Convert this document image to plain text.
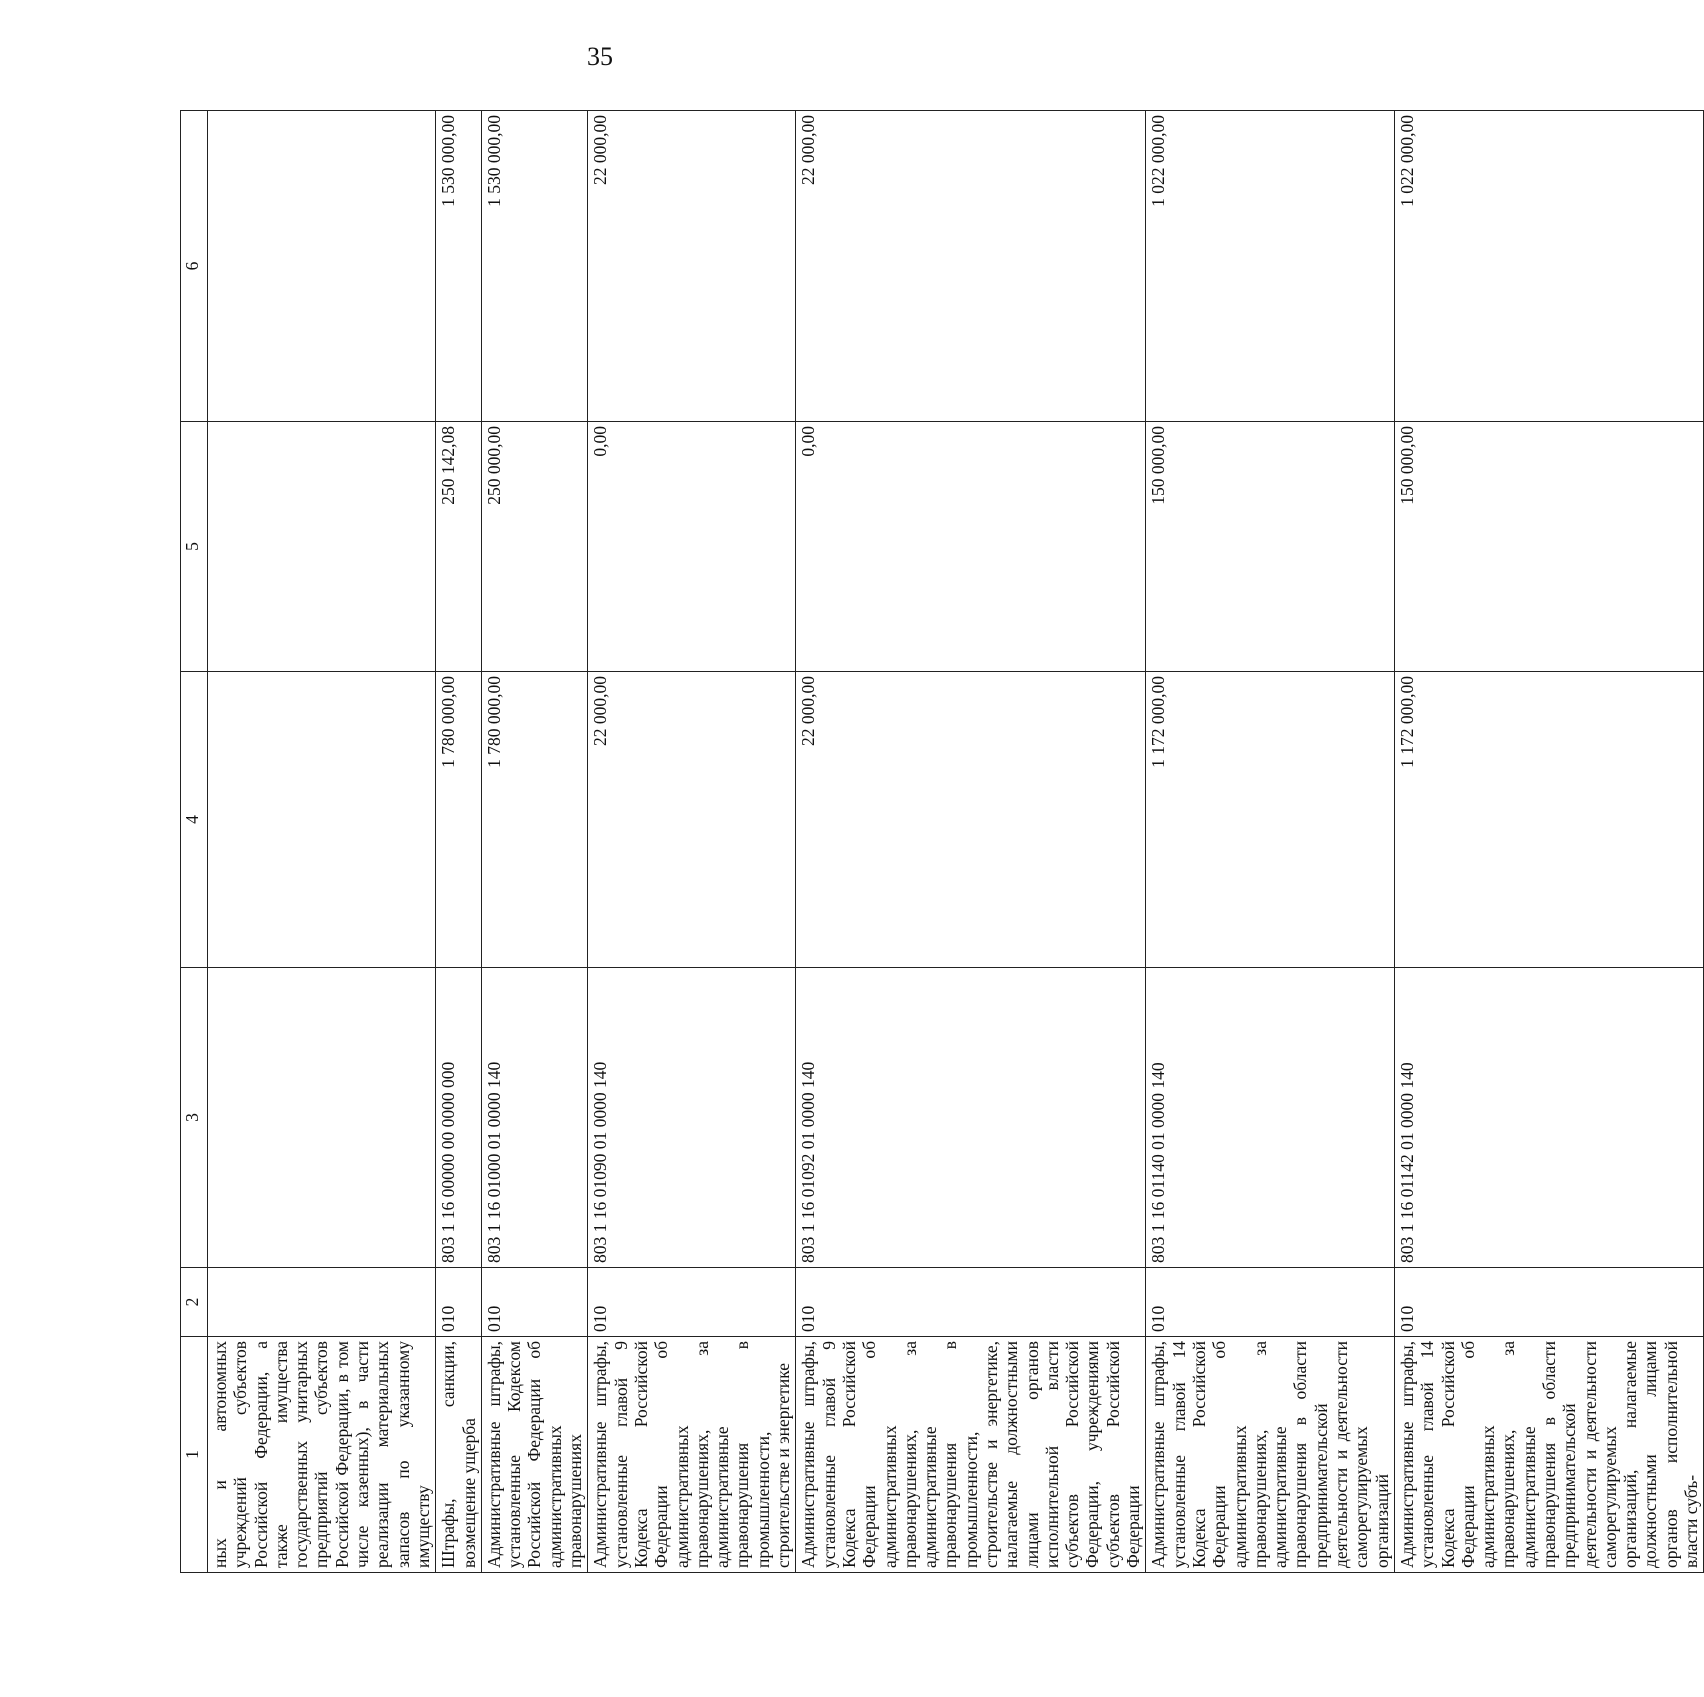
35
1	2	3	4	5	6
ных и автономных учреждений субъектов Российской Федерации, а также имущества государственных унитарных предприятий субъектов Российской Федерации, в том числе казенных), в части реализации материальных запасов по указанному имуществу					
Штрафы, санкции, возмещение ущерба	010	803 1 16 00000 00 0000 000	1 780 000,00	250 142,08	1 530 000,00
Административные штрафы, установленные Кодексом Российской Федерации об административных правонарушениях	010	803 1 16 01000 01 0000 140	1 780 000,00	250 000,00	1 530 000,00
Административные штрафы, установленные главой 9 Кодекса Российской Федерации об административных правонарушениях, за административные правонарушения в промышленности, строительстве и энергетике	010	803 1 16 01090 01 0000 140	22 000,00	0,00	22 000,00
Административные штрафы, установленные главой 9 Кодекса Российской Федерации об административных правонарушениях, за административные правонарушения в промышленности, строительстве и энергетике, налагаемые должностными лицами органов исполнительной власти субъектов Российской Федерации, учреждениями субъектов Российской Федерации	010	803 1 16 01092 01 0000 140	22 000,00	0,00	22 000,00
Административные штрафы, установленные главой 14 Кодекса Российской Федерации об административных правонарушениях, за административные правонарушения в области предпринимательской деятельности и деятельности саморегулируемых организаций	010	803 1 16 01140 01 0000 140	1 172 000,00	150 000,00	1 022 000,00
Административные штрафы, установленные главой 14 Кодекса Российской Федерации об административных правонарушениях, за административные правонарушения в области предпринимательской деятельности и деятельности саморегулируемых организаций, налагаемые должностными лицами органов исполнительной власти субъ-	010	803 1 16 01142 01 0000 140	1 172 000,00	150 000,00	1 022 000,00
